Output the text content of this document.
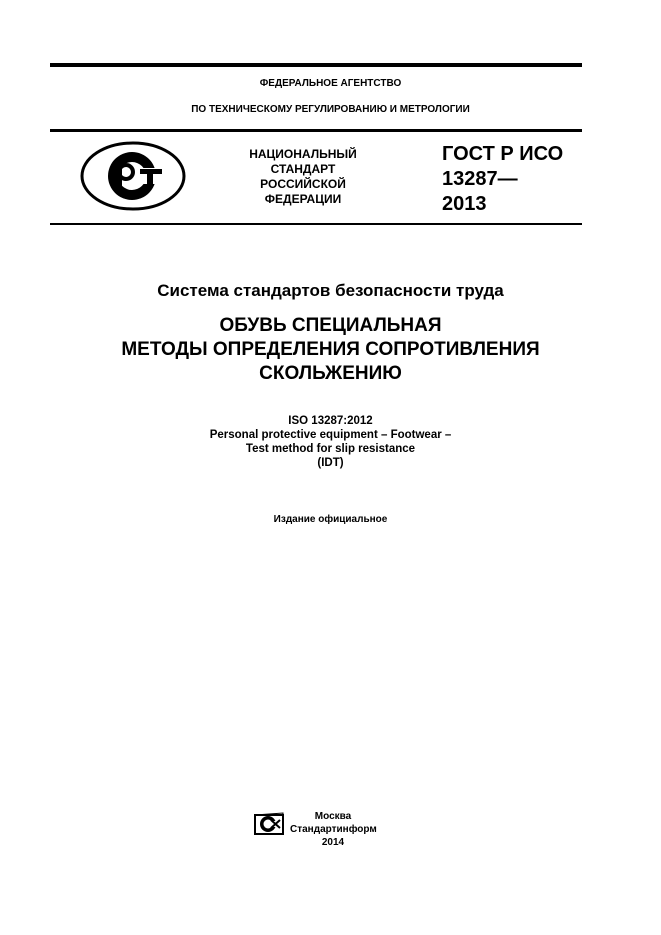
ФЕДЕРАЛЬНОЕ АГЕНТСТВО
ПО ТЕХНИЧЕСКОМУ РЕГУЛИРОВАНИЮ И МЕТРОЛОГИИ
НАЦИОНАЛЬНЫЙ
СТАНДАРТ
РОССИЙСКОЙ
ФЕДЕРАЦИИ
ГОСТ Р ИСО
13287—
2013
Система стандартов безопасности труда
ОБУВЬ СПЕЦИАЛЬНАЯ
МЕТОДЫ ОПРЕДЕЛЕНИЯ СОПРОТИВЛЕНИЯ
СКОЛЬЖЕНИЮ
ISO 13287:2012
Personal protective equipment – Footwear –
Test method for slip resistance
(IDT)
Издание официальное
Москва
Стандартинформ
2014
